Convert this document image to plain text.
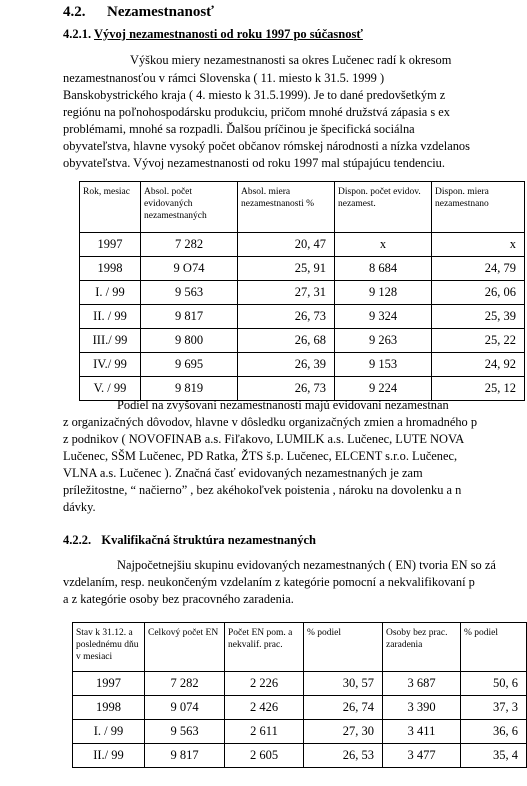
4.2. Nezamestnanosť
4.2.1. Vývoj nezamestnanosti od roku 1997 po súčasnosť
Výškou miery nezamestnanosti sa okres Lučenec radí k okresom
nezamestnanosťou v rámci Slovenska ( 11. miesto k 31.5. 1999 )
Banskobystrického kraja ( 4. miesto k 31.5.1999). Je to dané predovšetkým z
regiónu na poľnohospodársku produkciu, pričom mnohé družstvá zápasia s ex
problémami, mnohé sa rozpadli. Ďalšou príčinou je špecifická sociálna
obyvateľstva, hlavne vysoký počet občanov rómskej národnosti a nízka vzdelanos
obyvateľstva. Vývoj nezamestnanosti od roku 1997 mal stúpajúcu tendenciu.
Rok, mesiac	Absol. počet evidovaných nezamestnaných	Absol. miera nezamestnanosti %	Dispon. počet evidov. nezamest.	Dispon. miera nezamestnano
1997	7 282	20, 47	x	x
1998	9 O74	25, 91	8 684	24, 79
I. / 99	9 563	27, 31	9 128	26, 06
II. / 99	9 817	26, 73	9 324	25, 39
III./ 99	9 800	26, 68	9 263	25, 22
IV./ 99	9 695	26, 39	9 153	24, 92
V. / 99	9 819	26, 73	9 224	25, 12
Podiel na zvyšovaní nezamestnanosti majú evidovaní nezamestnan
z organizačných dôvodov, hlavne v dôsledku organizačných zmien a hromadného p
z podnikov ( NOVOFINAB a.s. Fiľakovo, LUMILK a.s. Lučenec, LUTE NOVA
Lučenec, SŠM Lučenec, PD Ratka, ŽTS š.p. Lučenec, ELCENT s.r.o. Lučenec,
VLNA a.s. Lučenec ). Značná časť evidovaných nezamestnaných je zam
príležitostne, “ načierno” , bez akéhokoľvek poistenia , nároku na dovolenku a n
dávky.
4.2.2. Kvalifikačná štruktúra nezamestnaných
Najpočetnejšiu skupinu evidovaných nezamestnaných ( EN) tvoria EN so zá
vzdelaním, resp. neukončeným vzdelaním z kategórie pomocní a nekvalifikovaní p
a z kategórie osoby bez pracovného zaradenia.
Stav k 31.12. a poslednému dňu v mesiaci	Celkový počet EN	Počet EN pom. a nekvalif. prac.	% podiel	Osoby bez prac. zaradenia	% podiel
1997	7 282	2 226	30, 57	3 687	50, 6
1998	9 074	2 426	26, 74	3 390	37, 3
I. / 99	9 563	2 611	27, 30	3 411	36, 6
II./ 99	9 817	2 605	26, 53	3 477	35, 4
